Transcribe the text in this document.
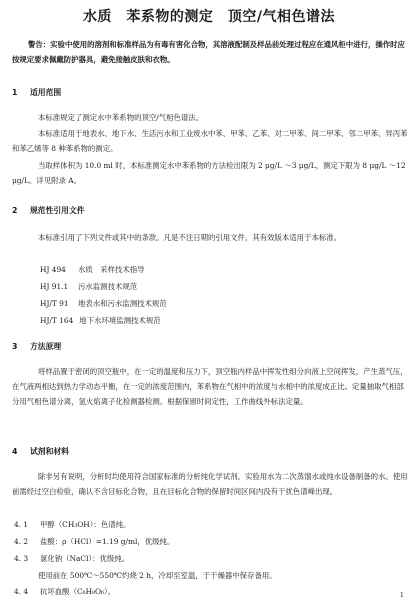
水质　苯系物的测定　顶空/气相色谱法
警告：实验中使用的溶剂和标准样品为有毒有害化合物，其溶液配制及样品前处理过程应在通风柜中进行，操作时应按规定要求佩戴防护器具，避免接触皮肤和衣物。
1 适用范围
本标准规定了测定水中苯系物的顶空/气相色谱法。
本标准适用于地表水、地下水、生活污水和工业废水中苯、甲苯、乙苯、对二甲苯、间二甲苯、邻二甲苯、异丙苯和苯乙烯等 8 种苯系物的测定。
当取样体积为 10.0 ml 时，本标准测定水中苯系物的方法检出限为 2 μg/L ～3 μg/L，测定下限为 8 μg/L ～12 μg/L。详见附录 A。
2 规范性引用文件
本标准引用了下列文件或其中的条款。凡是不注日期的引用文件，其有效版本适用于本标准。
HJ 494 水质　采样技术指导
HJ 91.1 污水监测技术规范
HJ/T 91 地表水和污水监测技术规范
HJ/T 164 地下水环境监测技术规范
3 方法原理
将样品置于密闭的顶空瓶中，在一定的温度和压力下，顶空瓶内样品中挥发性组分向液上空间挥发，产生蒸气压，在气液两相达到热力学动态平衡，在一定的浓度范围内，苯系物在气相中的浓度与水相中的浓度成正比。定量抽取气相部分用气相色谱分离，氢火焰离子化检测器检测。根据保留时间定性，工作曲线外标法定量。
4 试剂和材料
除非另有说明，分析时均使用符合国家标准的分析纯化学试剂。实验用水为二次蒸馏水或纯水设备制备的水。使用前需经过空白检验，确认不含目标化合物，且在目标化合物的保留时间区间内没有干扰色谱峰出现。
4. 1 甲醇（CH₃OH）：色谱纯。
4. 2 盐酸：ρ（HCl）=1.19 g/ml，优级纯。
4. 3 氯化钠（NaCl）：优级纯。
使用前在 500℃～550℃灼烧 2 h，冷却至室温，于干燥器中保存备用。
4. 4 抗坏血酸（C₆H₈O₆）。	1
